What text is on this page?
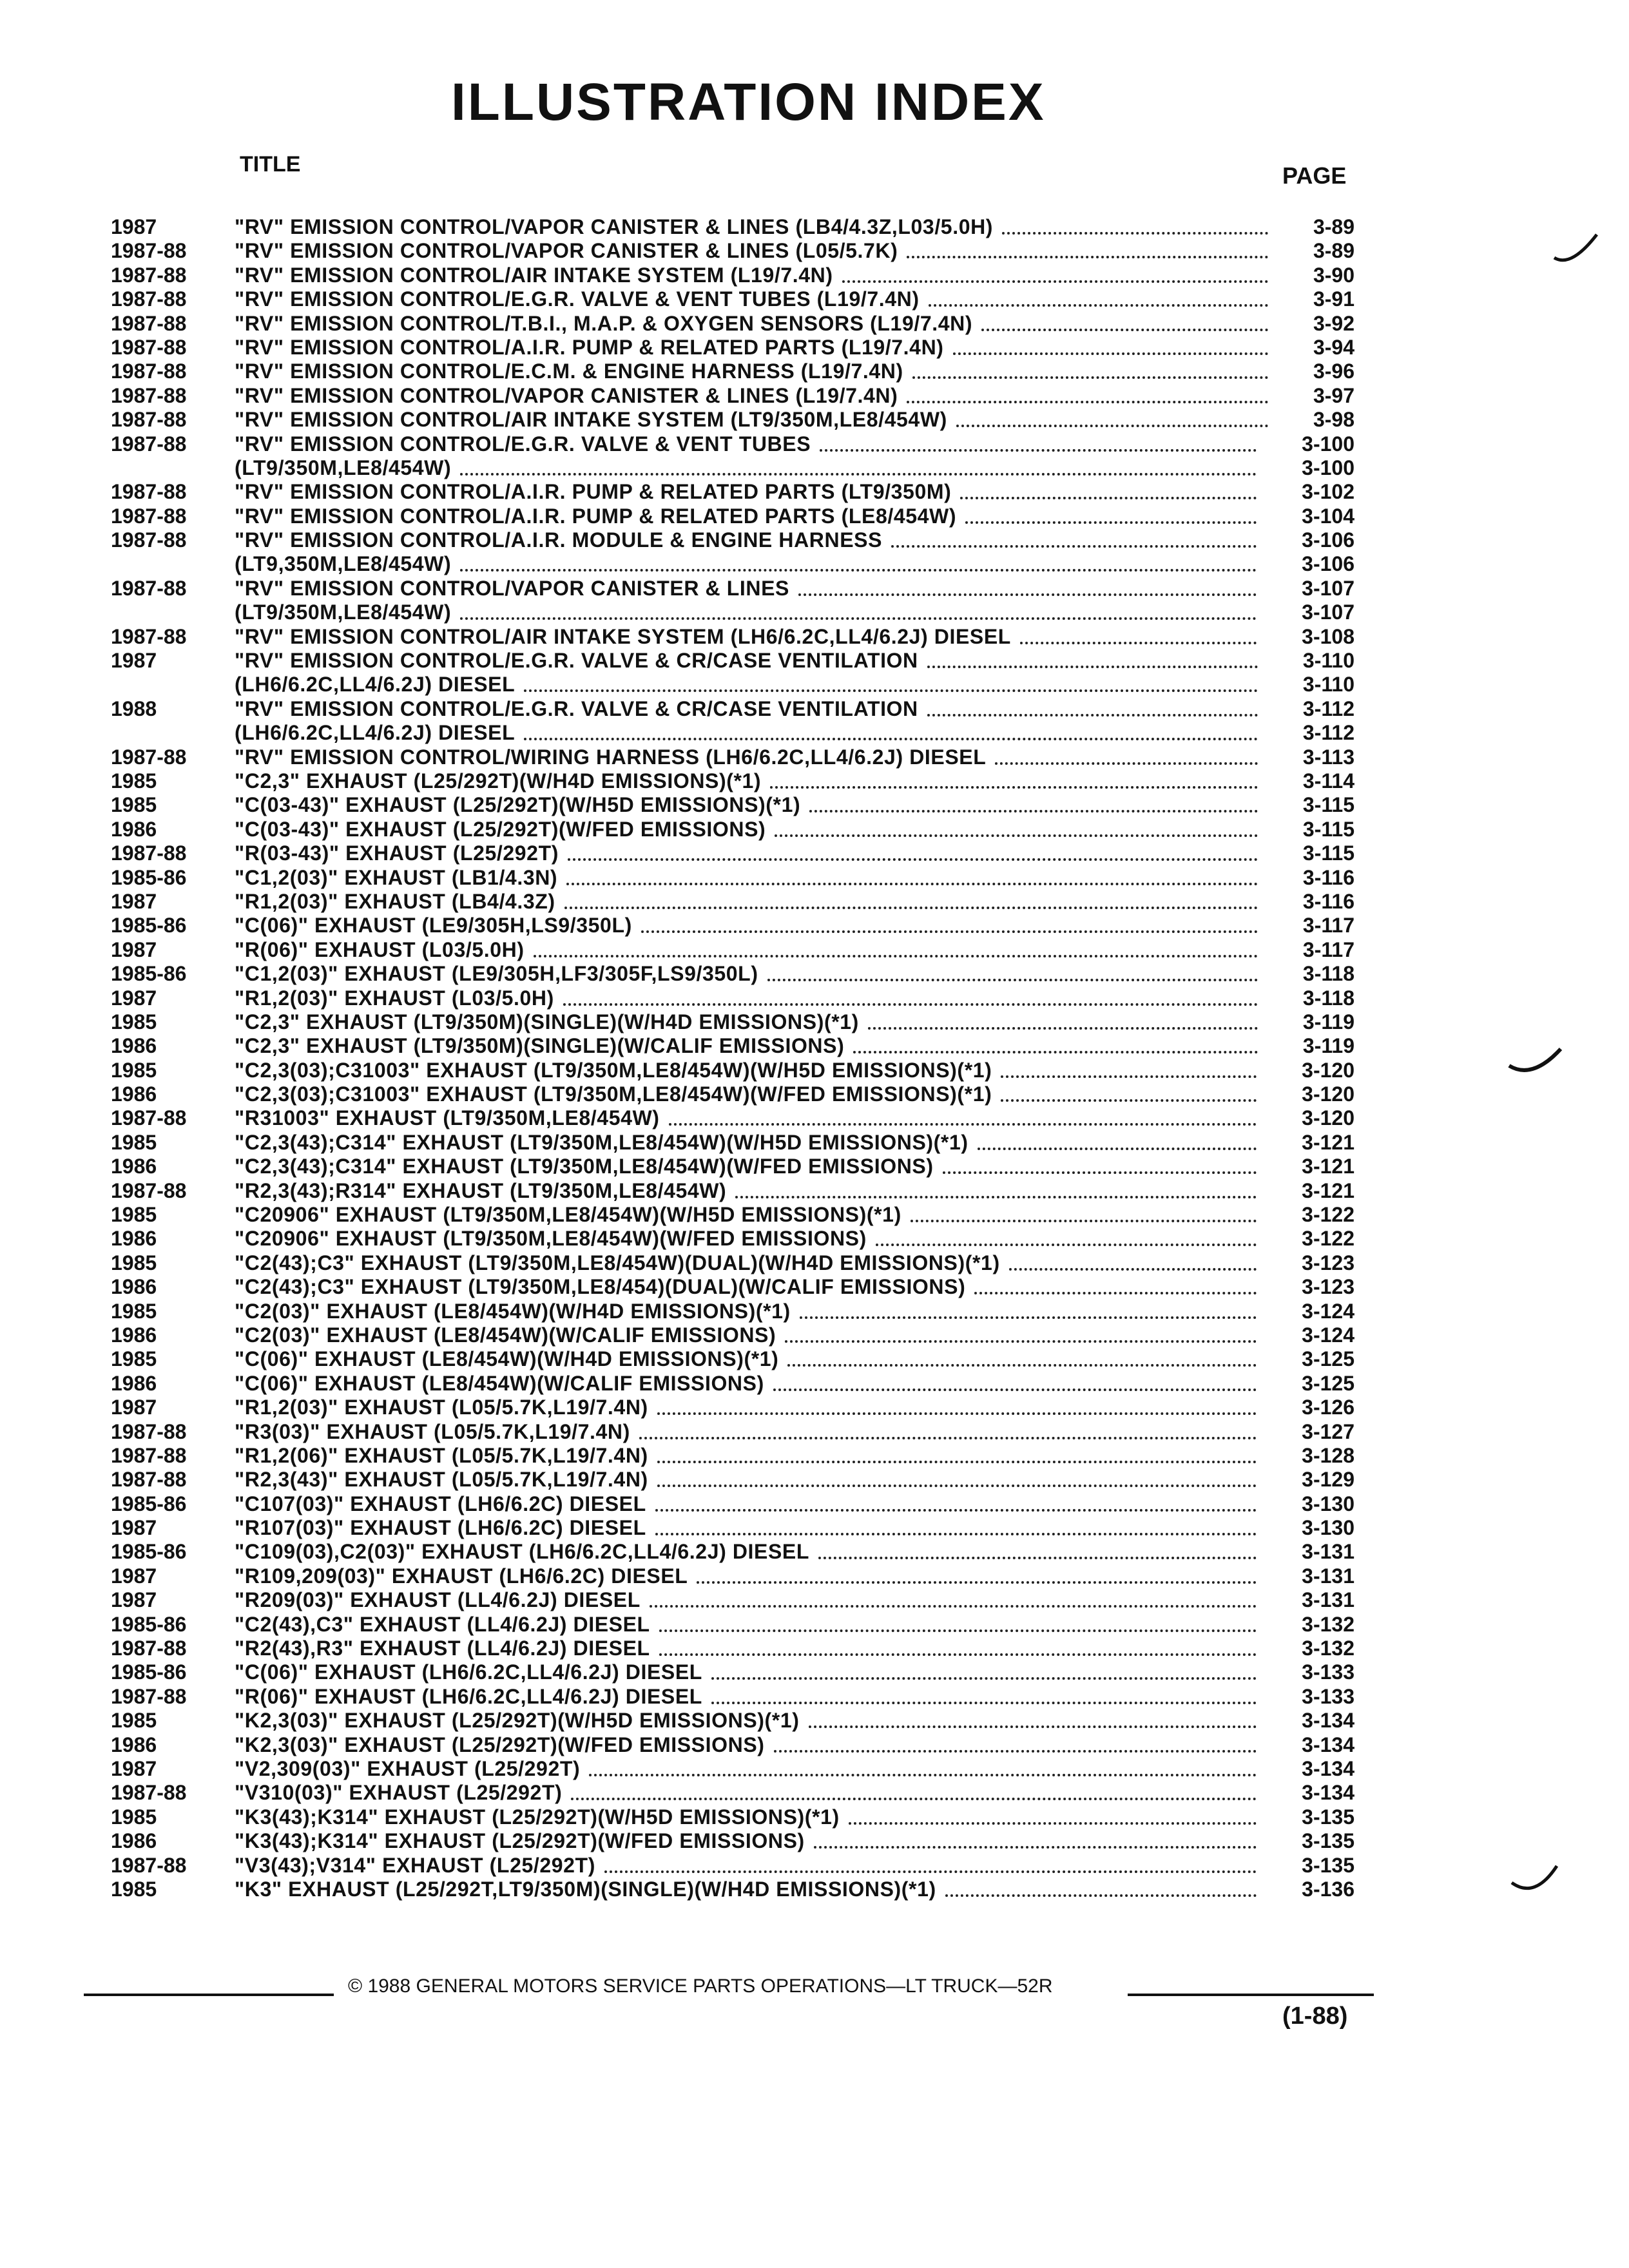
ILLUSTRATION INDEX
TITLE	PAGE
1987	"RV" EMISSION CONTROL/VAPOR CANISTER & LINES (LB4/4.3Z,L03/5.0H)	3-89
1987-88 "RV" EMISSION CONTROL/VAPOR CANISTER & LINES (L05/5.7K)	3-89
1987-88 "RV" EMISSION CONTROL/AIR INTAKE SYSTEM (L19/7.4N)	3-90
1987-88 "RV" EMISSION CONTROL/E.G.R. VALVE & VENT TUBES (L19/7.4N)	3-91
1987-88 "RV" EMISSION CONTROL/T.B.I., M.A.P. & OXYGEN SENSORS (L19/7.4N)	3-92
1987-88 "RV" EMISSION CONTROL/A.I.R. PUMP & RELATED PARTS (L19/7.4N)	3-94
1987-88 "RV" EMISSION CONTROL/E.C.M. & ENGINE HARNESS (L19/7.4N)	3-96
1987-88 "RV" EMISSION CONTROL/VAPOR CANISTER & LINES (L19/7.4N)	3-97
1987-88 "RV" EMISSION CONTROL/AIR INTAKE SYSTEM (LT9/350M,LE8/454W)	3-98
1987-88 "RV" EMISSION CONTROL/E.G.R. VALVE & VENT TUBES	3-100
(LT9/350M,LE8/454W)	3-100
1987-88 "RV" EMISSION CONTROL/A.I.R. PUMP & RELATED PARTS (LT9/350M)	3-102
1987-88 "RV" EMISSION CONTROL/A.I.R. PUMP & RELATED PARTS (LE8/454W)	3-104
1987-88 "RV" EMISSION CONTROL/A.I.R. MODULE & ENGINE HARNESS	3-106
(LT9,350M,LE8/454W)	3-106
1987-88 "RV" EMISSION CONTROL/VAPOR CANISTER & LINES	3-107
(LT9/350M,LE8/454W)	3-107
1987-88 "RV" EMISSION CONTROL/AIR INTAKE SYSTEM (LH6/6.2C,LL4/6.2J) DIESEL	3-108
1987	"RV" EMISSION CONTROL/E.G.R. VALVE & CR/CASE VENTILATION	3-110
(LH6/6.2C,LL4/6.2J) DIESEL	3-110
1988	"RV" EMISSION CONTROL/E.G.R. VALVE & CR/CASE VENTILATION	3-112
(LH6/6.2C,LL4/6.2J) DIESEL	3-112
1987-88 "RV" EMISSION CONTROL/WIRING HARNESS (LH6/6.2C,LL4/6.2J) DIESEL	3-113
1985	"C2,3" EXHAUST (L25/292T)(W/H4D EMISSIONS)(*1)	3-114
1985	"C(03-43)" EXHAUST (L25/292T)(W/H5D EMISSIONS)(*1)	3-115
1986	"C(03-43)" EXHAUST (L25/292T)(W/FED EMISSIONS)	3-115
1987-88 "R(03-43)" EXHAUST (L25/292T)	3-115
1985-86 "C1,2(03)" EXHAUST (LB1/4.3N)	3-116
1987	"R1,2(03)" EXHAUST (LB4/4.3Z)	3-116
1985-86 "C(06)" EXHAUST (LE9/305H,LS9/350L)	3-117
1987	"R(06)" EXHAUST (L03/5.0H)	3-117
1985-86 "C1,2(03)" EXHAUST (LE9/305H,LF3/305F,LS9/350L)	3-118
1987	"R1,2(03)" EXHAUST (L03/5.0H)	3-118
1985	"C2,3" EXHAUST (LT9/350M)(SINGLE)(W/H4D EMISSIONS)(*1)	3-119
1986	"C2,3" EXHAUST (LT9/350M)(SINGLE)(W/CALIF EMISSIONS)	3-119
1985	"C2,3(03);C31003" EXHAUST (LT9/350M,LE8/454W)(W/H5D EMISSIONS)(*1)	3-120
1986	"C2,3(03);C31003" EXHAUST (LT9/350M,LE8/454W)(W/FED EMISSIONS)(*1)	3-120
1987-88 "R31003" EXHAUST (LT9/350M,LE8/454W)	3-120
1985	"C2,3(43);C314" EXHAUST (LT9/350M,LE8/454W)(W/H5D EMISSIONS)(*1)	3-121
1986	"C2,3(43);C314" EXHAUST (LT9/350M,LE8/454W)(W/FED EMISSIONS)	3-121
1987-88 "R2,3(43);R314" EXHAUST (LT9/350M,LE8/454W)	3-121
1985	"C20906" EXHAUST (LT9/350M,LE8/454W)(W/H5D EMISSIONS)(*1)	3-122
1986	"C20906" EXHAUST (LT9/350M,LE8/454W)(W/FED EMISSIONS)	3-122
1985	"C2(43);C3" EXHAUST (LT9/350M,LE8/454W)(DUAL)(W/H4D EMISSIONS)(*1)	3-123
1986	"C2(43);C3" EXHAUST (LT9/350M,LE8/454)(DUAL)(W/CALIF EMISSIONS)	3-123
1985	"C2(03)" EXHAUST (LE8/454W)(W/H4D EMISSIONS)(*1)	3-124
1986	"C2(03)" EXHAUST (LE8/454W)(W/CALIF EMISSIONS)	3-124
1985	"C(06)" EXHAUST (LE8/454W)(W/H4D EMISSIONS)(*1)	3-125
1986	"C(06)" EXHAUST (LE8/454W)(W/CALIF EMISSIONS)	3-125
1987	"R1,2(03)" EXHAUST (L05/5.7K,L19/7.4N)	3-126
1987-88 "R3(03)" EXHAUST (L05/5.7K,L19/7.4N)	3-127
1987-88 "R1,2(06)" EXHAUST (L05/5.7K,L19/7.4N)	3-128
1987-88 "R2,3(43)" EXHAUST (L05/5.7K,L19/7.4N)	3-129
1985-86 "C107(03)" EXHAUST (LH6/6.2C) DIESEL	3-130
1987	"R107(03)" EXHAUST (LH6/6.2C) DIESEL	3-130
1985-86 "C109(03),C2(03)" EXHAUST (LH6/6.2C,LL4/6.2J) DIESEL	3-131
1987	"R109,209(03)" EXHAUST (LH6/6.2C) DIESEL	3-131
1987	"R209(03)" EXHAUST (LL4/6.2J) DIESEL	3-131
1985-86 "C2(43),C3" EXHAUST (LL4/6.2J) DIESEL	3-132
1987-88 "R2(43),R3" EXHAUST (LL4/6.2J) DIESEL	3-132
1985-86 "C(06)" EXHAUST (LH6/6.2C,LL4/6.2J) DIESEL	3-133
1987-88 "R(06)" EXHAUST (LH6/6.2C,LL4/6.2J) DIESEL	3-133
1985	"K2,3(03)" EXHAUST (L25/292T)(W/H5D EMISSIONS)(*1)	3-134
1986	"K2,3(03)" EXHAUST (L25/292T)(W/FED EMISSIONS)	3-134
1987	"V2,309(03)" EXHAUST (L25/292T)	3-134
1987-88 "V310(03)" EXHAUST (L25/292T)	3-134
1985	"K3(43);K314" EXHAUST (L25/292T)(W/H5D EMISSIONS)(*1)	3-135
1986	"K3(43);K314" EXHAUST (L25/292T)(W/FED EMISSIONS)	3-135
1987-88 "V3(43);V314" EXHAUST (L25/292T)	3-135
1985	"K3" EXHAUST (L25/292T,LT9/350M)(SINGLE)(W/H4D EMISSIONS)(*1)	3-136
© 1988 GENERAL MOTORS SERVICE PARTS OPERATIONS—LT TRUCK—52R
(1-88)
